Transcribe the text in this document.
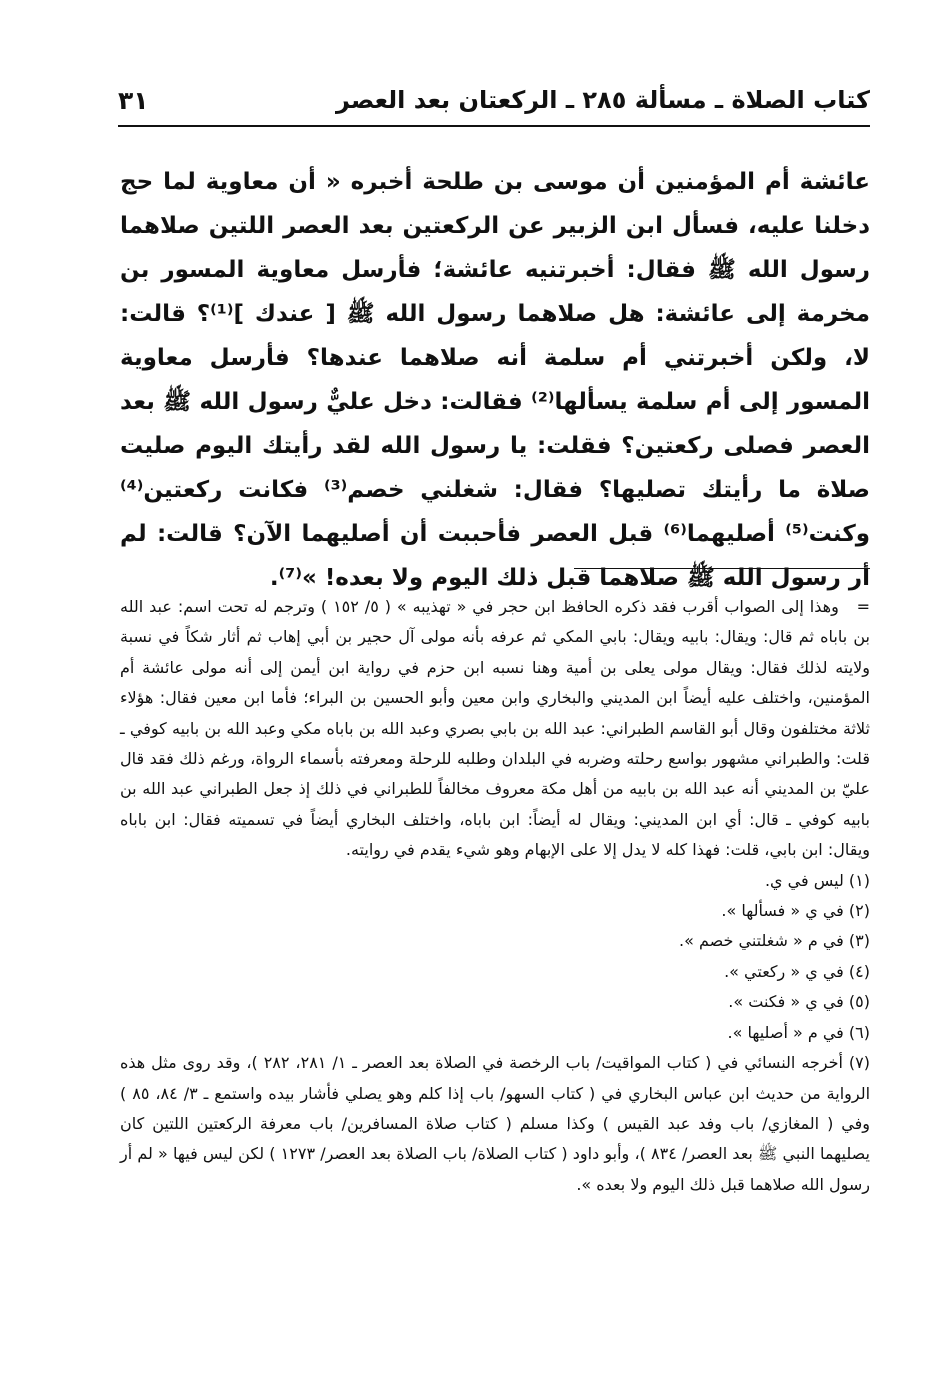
كتاب الصلاة ـ مسألة ٢٨٥ ـ الركعتان بعد العصر
٣١

عائشة أم المؤمنين أن موسى بن طلحة أخبره « أن معاوية لما حج دخلنا عليه، فسأل ابن الزبير عن الركعتين بعد العصر اللتين صلاهما رسول الله ﷺ فقال: أخبرتنيه عائشة؛ فأرسل معاوية المسور بن مخرمة إلى عائشة: هل صلاهما رسول الله ﷺ [ عندك ]⁽¹⁾؟ قالت: لا، ولكن أخبرتني أم سلمة أنه صلاهما عندها؟ فأرسل معاوية المسور إلى أم سلمة يسألها⁽²⁾ فقالت: دخل عليٌّ رسول الله ﷺ بعد العصر فصلى ركعتين؟ فقلت: يا رسول الله لقد رأيتك اليوم صليت صلاة ما رأيتك تصليها؟ فقال: شغلني خصم⁽³⁾ فكانت ركعتين⁽⁴⁾ وكنت⁽⁵⁾ أصليهما⁽⁶⁾ قبل العصر فأحببت أن أصليهما الآن؟ قالت: لم أر رسول الله ﷺ صلاهما قبل ذلك اليوم ولا بعده! »⁽⁷⁾.

=   وهذا إلى الصواب أقرب فقد ذكره الحافظ ابن حجر في « تهذيبه » ( ٥/ ١٥٢ ) وترجم له تحت اسم: عبد الله بن باباه ثم قال: ويقال: بابيه ويقال: بابي المكي ثم عرفه بأنه مولى آل حجير بن أبي إهاب ثم أثار شكاً في نسبة ولايته لذلك فقال: ويقال مولى يعلى بن أمية وهنا نسبه ابن حزم في رواية ابن أيمن إلى أنه مولى عائشة أم المؤمنين، واختلف عليه أيضاً ابن المديني والبخاري وابن معين وأبو الحسين بن البراء؛ فأما ابن معين فقال: هؤلاء ثلاثة مختلفون وقال أبو القاسم الطبراني: عبد الله بن بابي بصري وعبد الله بن باباه مكي وعبد الله بن بابيه كوفي ـ قلت: والطبراني مشهور بواسع رحلته وضربه في البلدان وطلبه للرحلة ومعرفته بأسماء الرواة، ورغم ذلك فقد قال عليّ بن المديني أنه عبد الله بن بابيه من أهل مكة معروف مخالفاً للطبراني في ذلك إذ جعل الطبراني عبد الله بن بابيه كوفي ـ قال: أي ابن المديني: ويقال له أيضاً: ابن باباه، واختلف البخاري أيضاً في تسميته فقال: ابن باباه ويقال: ابن بابي، قلت: فهذا كله لا يدل إلا على الإبهام وهو شيء يقدم في روايته.

(١) ليس في ي.

(٢) في ي « فسألها ».

(٣) في م « شغلتني خصم ».

(٤) في ي « ركعتي ».

(٥) في ي « فكنت ».

(٦) في م « أصليها ».

(٧) أخرجه النسائي في ( كتاب المواقيت/ باب الرخصة في الصلاة بعد العصر ـ ١/ ٢٨١، ٢٨٢ )، وقد روى مثل هذه الرواية من حديث ابن عباس البخاري في ( كتاب السهو/ باب إذا كلم وهو يصلي فأشار بيده واستمع ـ ٣/ ٨٤، ٨٥ ) وفي ( المغازي/ باب وفد عبد القيس ) وكذا مسلم ( كتاب صلاة المسافرين/ باب معرفة الركعتين اللتين كان يصليهما النبي ﷺ بعد العصر/ ٨٣٤ )، وأبو داود ( كتاب الصلاة/ باب الصلاة بعد العصر/ ١٢٧٣ ) لكن ليس فيها « لم أر رسول الله صلاهما قبل ذلك اليوم ولا بعده ».
